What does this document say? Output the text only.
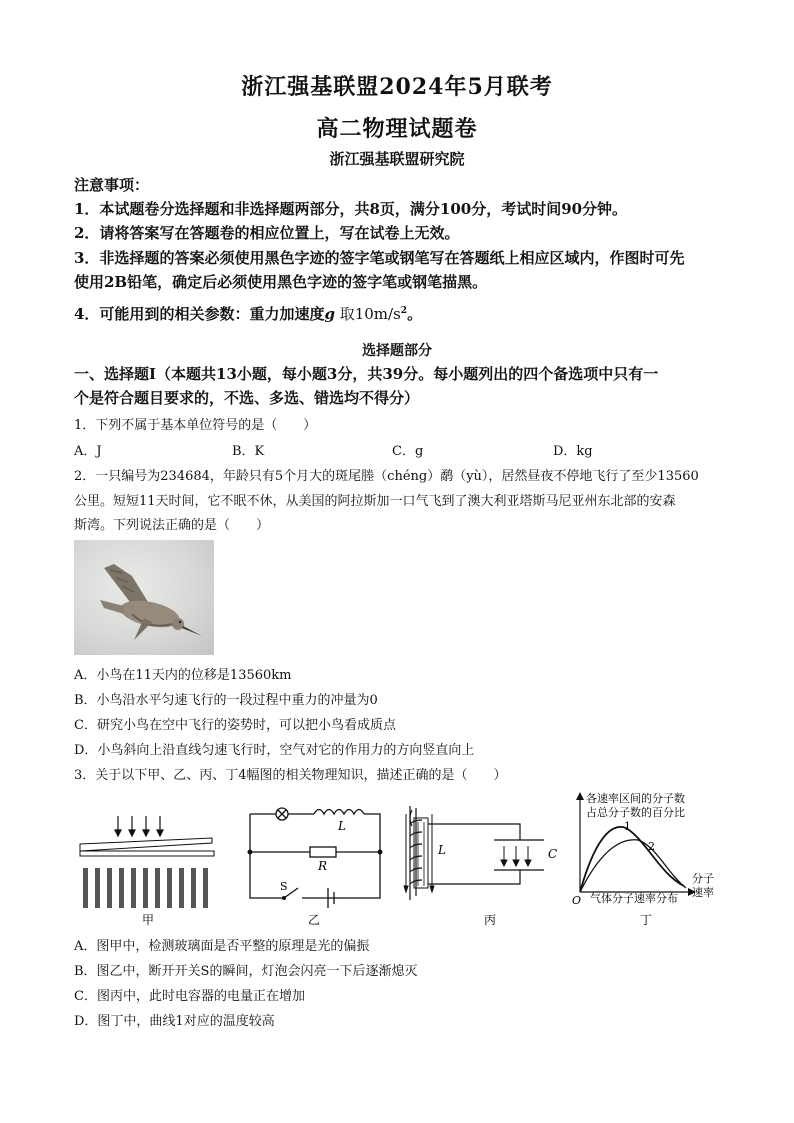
浙江强基联盟2024年5月联考
高二物理试题卷
浙江强基联盟研究院
注意事项：
1．本试题卷分选择题和非选择题两部分，共8页，满分100分，考试时间90分钟。
2．请将答案写在答题卷的相应位置上，写在试卷上无效。
3．非选择题的答案必须使用黑色字迹的签字笔或钢笔写在答题纸上相应区域内，作图时可先
使用2B铅笔，确定后必须使用黑色字迹的签字笔或钢笔描黑。
4．可能用到的相关参数：重力加速度g 取$10m/s^2$。
选择题部分
一、选择题Ⅰ（本题共13小题，每小题3分，共39分。每小题列出的四个备选项中只有一
个是符合题目要求的，不选、多选、错选均不得分）
1．下列不属于基本单位符号的是（　　）
A．J	B．K	C．g	D．kg
2．一只编号为234684，年龄只有5个月大的斑尾塍（chéng）鹬（yù），居然昼夜不停地飞行了至少13560
公里。短短11天时间，它不眠不休，从美国的阿拉斯加一口气飞到了澳大利亚塔斯马尼亚州东北部的安森
斯湾。下列说法正确的是（　　）
A．小鸟在11天内的位移是13560km
B．小鸟沿水平匀速飞行的一段过程中重力的冲量为0
C．研究小鸟在空中飞行的姿势时，可以把小鸟看成质点
D．小鸟斜向上沿直线匀速飞行时，空气对它的作用力的方向竖直向上
3．关于以下甲、乙、丙、丁4幅图的相关物理知识，描述正确的是（　　）
甲
L
R
S
乙
L	C
丙
各速率区间的分子数
占总分子数的百分比
1
2
O
分子
速率
气体分子速率分布
丁
A．图甲中，检测玻璃面是否平整的原理是光的偏振
B．图乙中，断开开关S的瞬间，灯泡会闪亮一下后逐渐熄灭
C．图丙中，此时电容器的电量正在增加
D．图丁中，曲线1对应的温度较高
